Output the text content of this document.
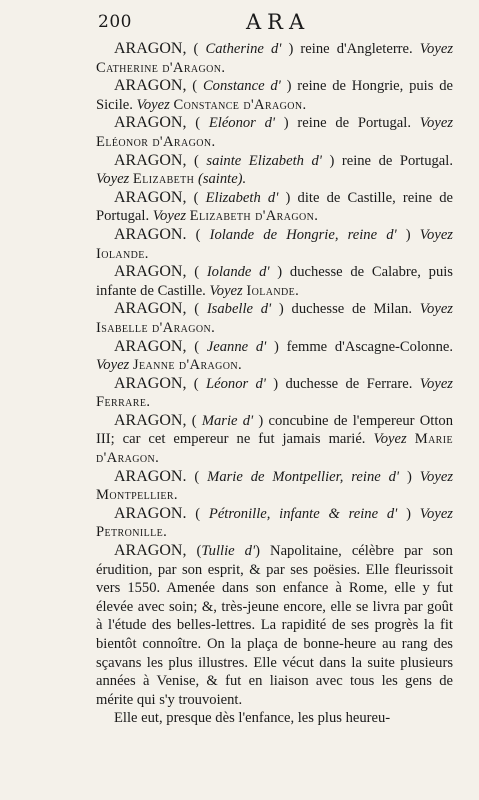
200	ARA

ARAGON, ( Catherine d' ) reine d'Angleterre. Voyez Catherine d'Aragon.

ARAGON, ( Constance d' ) reine de Hongrie, puis de Sicile. Voyez Constance d'Aragon.

ARAGON, ( Eléonor d' ) reine de Portugal. Voyez Eléonor d'Aragon.

ARAGON, ( sainte Elizabeth d' ) reine de Portugal. Voyez Elizabeth (sainte).

ARAGON, ( Elizabeth d' ) dite de Castille, reine de Portugal. Voyez Elizabeth d'Aragon.

ARAGON. ( Iolande de Hongrie, reine d' ) Voyez Iolande.

ARAGON, ( Iolande d' ) duchesse de Calabre, puis infante de Castille. Voyez Iolande.

ARAGON, ( Isabelle d' ) duchesse de Milan. Voyez Isabelle d'Aragon.

ARAGON, ( Jeanne d' ) femme d'Ascagne-Colonne. Voyez Jeanne d'Aragon.

ARAGON, ( Léonor d' ) duchesse de Ferrare. Voyez Ferrare.

ARAGON, ( Marie d' ) concubine de l'empereur Otton III; car cet empereur ne fut jamais marié. Voyez Marie d'Aragon.

ARAGON. ( Marie de Montpellier, reine d' ) Voyez Montpellier.

ARAGON. ( Pétronille, infante & reine d' ) Voyez Petronille.

ARAGON, (Tullie d') Napolitaine, célèbre par son érudition, par son esprit, & par ses poësies. Elle fleurissoit vers 1550. Amenée dans son enfance à Rome, elle y fut élevée avec soin; &, très-jeune encore, elle se livra par goût à l'étude des belles-lettres. La rapidité de ses progrès la fit bientôt connoître. On la plaça de bonne-heure au rang des sçavans les plus illustres. Elle vécut dans la suite plusieurs années à Venise, & fut en liaison avec tous les gens de mérite qui s'y trouvoient.

Elle eut, presque dès l'enfance, les plus heureu-
